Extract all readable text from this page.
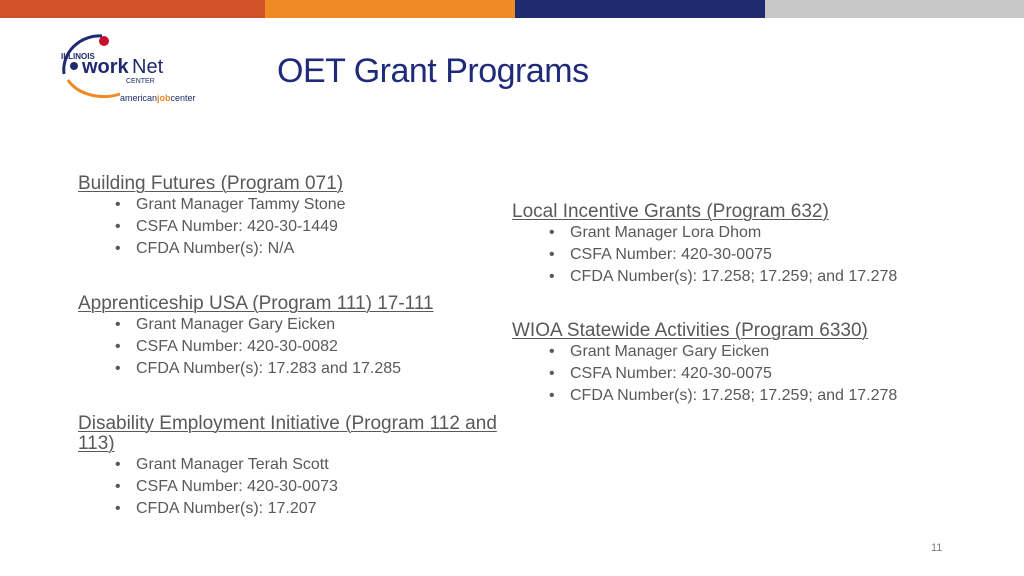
ILLINOIS
work Net
CENTER
americanjobcenter
OET Grant Programs
Building Futures (Program 071)
• Grant Manager Tammy Stone
• CSFA Number: 420-30-1449
• CFDA Number(s): N/A
Apprenticeship USA (Program 111) 17-111
• Grant Manager Gary Eicken
• CSFA Number: 420-30-0082
• CFDA Number(s): 17.283 and 17.285
Disability Employment Initiative (Program 112 and 113)
• Grant Manager Terah Scott
• CSFA Number: 420-30-0073
• CFDA Number(s): 17.207
Local Incentive Grants (Program 632)
• Grant Manager Lora Dhom
• CSFA Number: 420-30-0075
• CFDA Number(s): 17.258; 17.259; and 17.278
WIOA Statewide Activities (Program 6330)
• Grant Manager Gary Eicken
• CSFA Number: 420-30-0075
• CFDA Number(s): 17.258; 17.259; and 17.278
11
